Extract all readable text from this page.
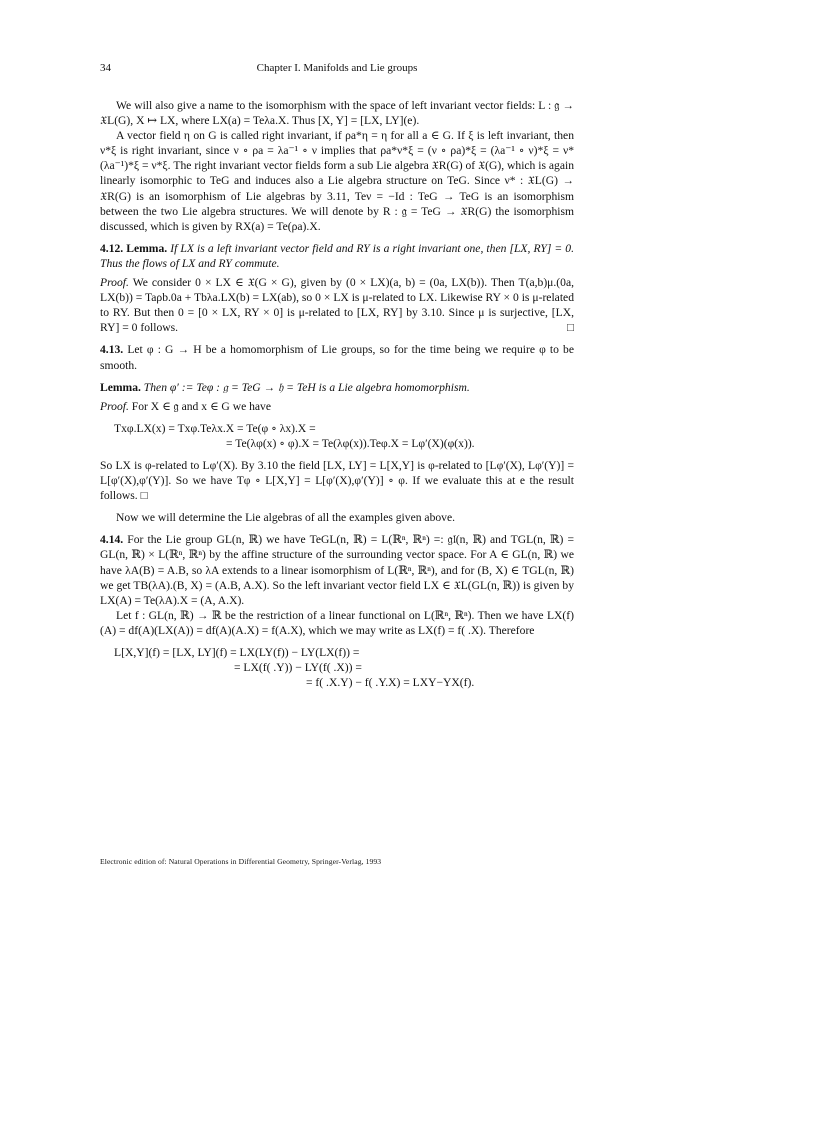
34	Chapter I. Manifolds and Lie groups

We will also give a name to the isomorphism with the space of left invariant vector fields: L : 𝔤 → 𝔛L(G), X ↦ LX, where LX(a) = Teλa.X. Thus [X, Y] = [LX, LY](e).

A vector field η on G is called right invariant, if ρa*η = η for all a ∈ G. If ξ is left invariant, then ν*ξ is right invariant, since ν ∘ ρa = λa⁻¹ ∘ ν implies that ρa*ν*ξ = (ν ∘ ρa)*ξ = (λa⁻¹ ∘ ν)*ξ = ν*(λa⁻¹)*ξ = ν*ξ. The right invariant vector fields form a sub Lie algebra 𝔛R(G) of 𝔛(G), which is again linearly isomorphic to TeG and induces also a Lie algebra structure on TeG. Since ν* : 𝔛L(G) → 𝔛R(G) is an isomorphism of Lie algebras by 3.11, Teν = −Id : TeG → TeG is an isomorphism between the two Lie algebra structures. We will denote by R : 𝔤 = TeG → 𝔛R(G) the isomorphism discussed, which is given by RX(a) = Te(ρa).X.

4.12. Lemma. If LX is a left invariant vector field and RY is a right invariant one, then [LX, RY] = 0. Thus the flows of LX and RY commute.

Proof. We consider 0 × LX ∈ 𝔛(G × G), given by (0 × LX)(a, b) = (0a, LX(b)). Then T(a,b)μ.(0a, LX(b)) = Taρb.0a + Tbλa.LX(b) = LX(ab), so 0 × LX is μ-related to LX. Likewise RY × 0 is μ-related to RY. But then 0 = [0 × LX, RY × 0] is μ-related to [LX, RY] by 3.10. Since μ is surjective, [LX, RY] = 0 follows.	□

4.13. Let φ : G → H be a homomorphism of Lie groups, so for the time being we require φ to be smooth.

Lemma. Then φ′ := Teφ : 𝔤 = TeG → 𝔥 = TeH is a Lie algebra homomorphism.

Proof. For X ∈ 𝔤 and x ∈ G we have

Txφ.LX(x) = Txφ.Teλx.X = Te(φ ∘ λx).X =
= Te(λφ(x) ∘ φ).X = Te(λφ(x)).Teφ.X = Lφ′(X)(φ(x)).

So LX is φ-related to Lφ′(X). By 3.10 the field [LX, LY] = L[X,Y] is φ-related to [Lφ′(X), Lφ′(Y)] = L[φ′(X),φ′(Y)]. So we have Tφ ∘ L[X,Y] = L[φ′(X),φ′(Y)] ∘ φ. If we evaluate this at e the result follows. □

Now we will determine the Lie algebras of all the examples given above.

4.14. For the Lie group GL(n, ℝ) we have TeGL(n, ℝ) = L(ℝⁿ, ℝⁿ) =: 𝔤𝔩(n, ℝ) and TGL(n, ℝ) = GL(n, ℝ) × L(ℝⁿ, ℝⁿ) by the affine structure of the surrounding vector space. For A ∈ GL(n, ℝ) we have λA(B) = A.B, so λA extends to a linear isomorphism of L(ℝⁿ, ℝⁿ), and for (B, X) ∈ TGL(n, ℝ) we get TB(λA).(B, X) = (A.B, A.X). So the left invariant vector field LX ∈ 𝔛L(GL(n, ℝ)) is given by LX(A) = Te(λA).X = (A, A.X).

Let f : GL(n, ℝ) → ℝ be the restriction of a linear functional on L(ℝⁿ, ℝⁿ). Then we have LX(f)(A) = df(A)(LX(A)) = df(A)(A.X) = f(A.X), which we may write as LX(f) = f( .X). Therefore

L[X,Y](f) = [LX, LY](f) = LX(LY(f)) − LY(LX(f)) =
= LX(f( .Y)) − LY(f( .X)) =
= f( .X.Y) − f( .Y.X) = LXY−YX(f).
Electronic edition of: Natural Operations in Differential Geometry, Springer-Verlag, 1993
